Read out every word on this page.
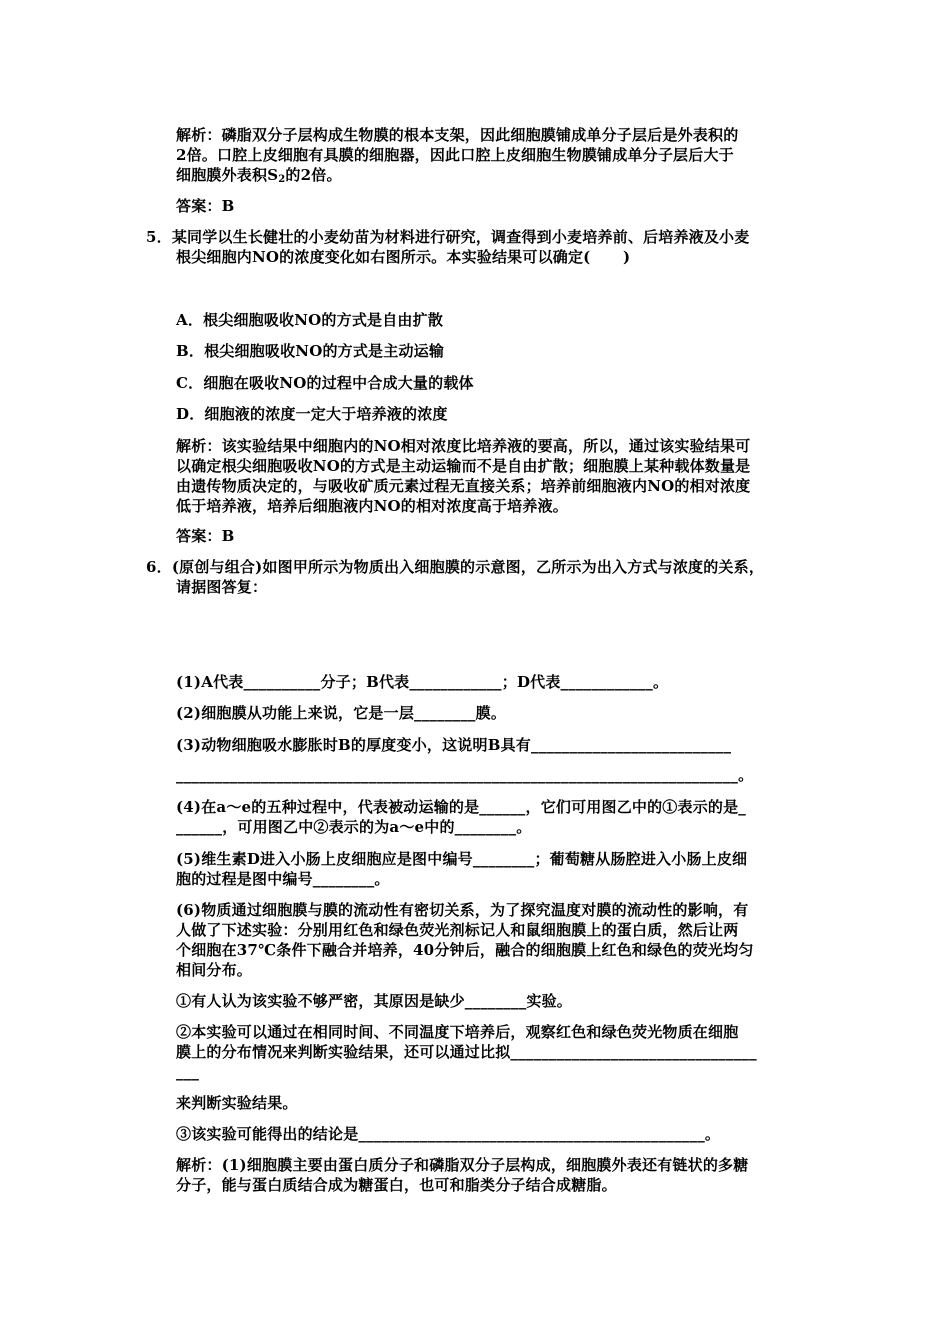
解析：磷脂双分子层构成生物膜的根本支架，因此细胞膜铺成单分子层后是外表积的
2倍。口腔上皮细胞有具膜的细胞器，因此口腔上皮细胞生物膜铺成单分子层后大于
细胞膜外表积$S_2$的2倍。
答案：B
5．某同学以生长健壮的小麦幼苗为材料进行研究，调查得到小麦培养前、后培养液及小麦
根尖细胞内NO的浓度变化如右图所示。本实验结果可以确定(      )
A．根尖细胞吸收NO的方式是自由扩散
B．根尖细胞吸收NO的方式是主动运输
C．细胞在吸收NO的过程中合成大量的载体
D．细胞液的浓度一定大于培养液的浓度
解析：该实验结果中细胞内的NO相对浓度比培养液的要高，所以，通过该实验结果可
以确定根尖细胞吸收NO的方式是主动运输而不是自由扩散；细胞膜上某种载体数量是
由遗传物质决定的，与吸收矿质元素过程无直接关系；培养前细胞液内NO的相对浓度
低于培养液，培养后细胞液内NO的相对浓度高于培养液。
答案：B
6．(原创与组合)如图甲所示为物质出入细胞膜的示意图，乙所示为出入方式与浓度的关系，
请据图答复：
(1)A代表__________分子；B代表____________；D代表____________。
(2)细胞膜从功能上来说，它是一层________膜。
(3)动物细胞吸水膨胀时B的厚度变小，这说明B具有__________________________
_________________________________________________________________________。
(4)在a～e的五种过程中，代表被动运输的是______，它们可用图乙中的①表示的是_
______，可用图乙中②表示的为a～e中的________。
(5)维生素D进入小肠上皮细胞应是图中编号________；葡萄糖从肠腔进入小肠上皮细
胞的过程是图中编号________。
(6)物质通过细胞膜与膜的流动性有密切关系，为了探究温度对膜的流动性的影响，有
人做了下述实验：分别用红色和绿色荧光剂标记人和鼠细胞膜上的蛋白质，然后让两
个细胞在37℃条件下融合并培养，40分钟后，融合的细胞膜上红色和绿色的荧光均匀
相间分布。
①有人认为该实验不够严密，其原因是缺少________实验。
②本实验可以通过在相同时间、不同温度下培养后，观察红色和绿色荧光物质在细胞
膜上的分布情况来判断实验结果，还可以通过比拟________________________________
___
来判断实验结果。
③该实验可能得出的结论是_____________________________________________。
解析：(1)细胞膜主要由蛋白质分子和磷脂双分子层构成，细胞膜外表还有链状的多糖
分子，能与蛋白质结合成为糖蛋白，也可和脂类分子结合成糖脂。
